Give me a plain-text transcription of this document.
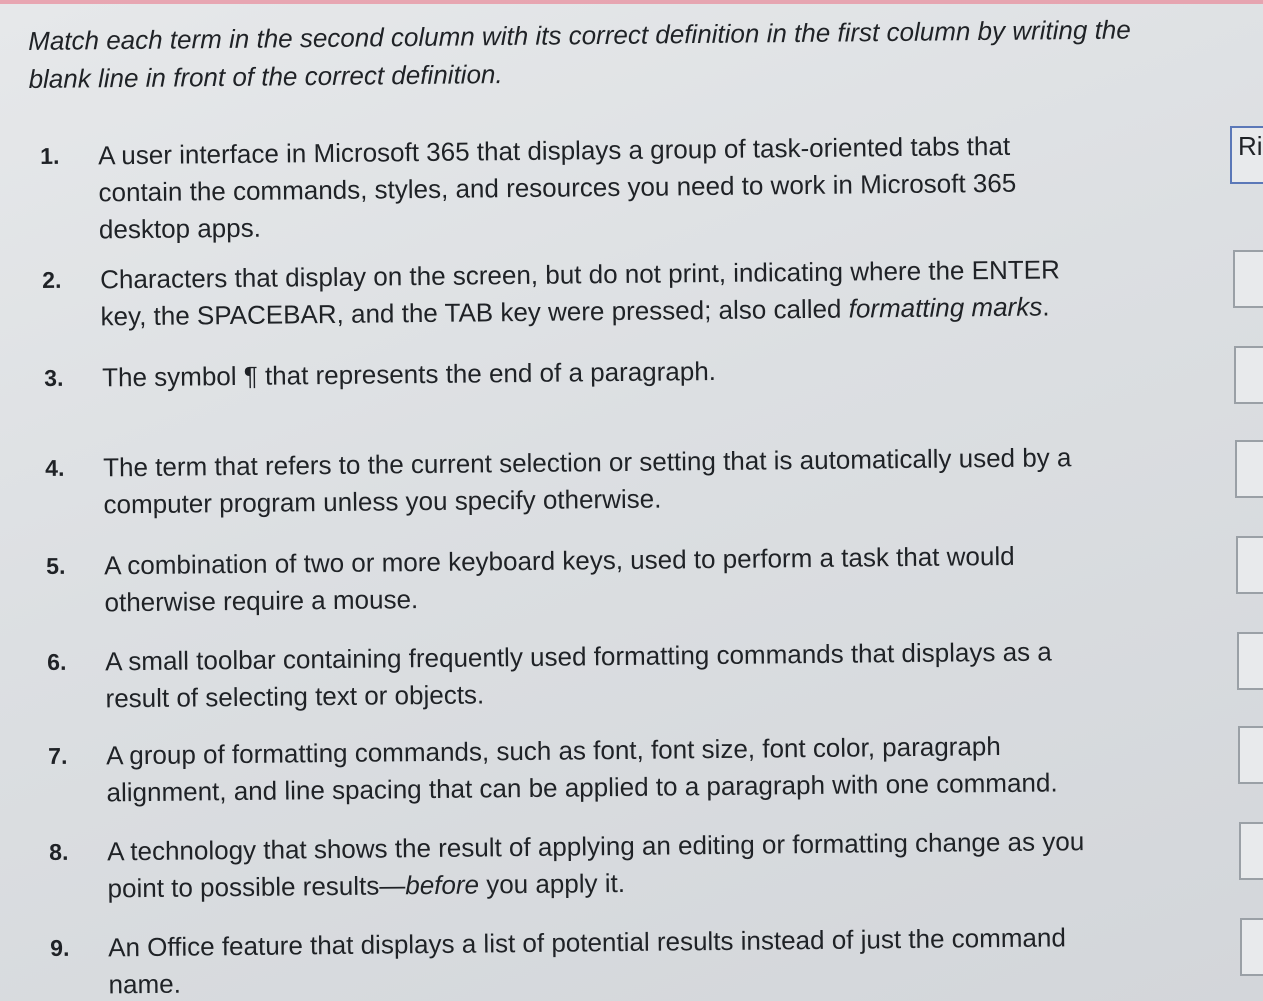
Match each term in the second column with its correct definition in the first column by writing the
blank line in front of the correct definition.
1. A user interface in Microsoft 365 that displays a group of task-oriented tabs that
contain the commands, styles, and resources you need to work in Microsoft 365
desktop apps.
Ri
2. Characters that display on the screen, but do not print, indicating where the ENTER
key, the SPACEBAR, and the TAB key were pressed; also called formatting marks.
3. The symbol ¶ that represents the end of a paragraph.
4. The term that refers to the current selection or setting that is automatically used by a
computer program unless you specify otherwise.
5. A combination of two or more keyboard keys, used to perform a task that would
otherwise require a mouse.
6. A small toolbar containing frequently used formatting commands that displays as a
result of selecting text or objects.
7. A group of formatting commands, such as font, font size, font color, paragraph
alignment, and line spacing that can be applied to a paragraph with one command.
8. A technology that shows the result of applying an editing or formatting change as you
point to possible results—before you apply it.
9. An Office feature that displays a list of potential results instead of just the command
name.
